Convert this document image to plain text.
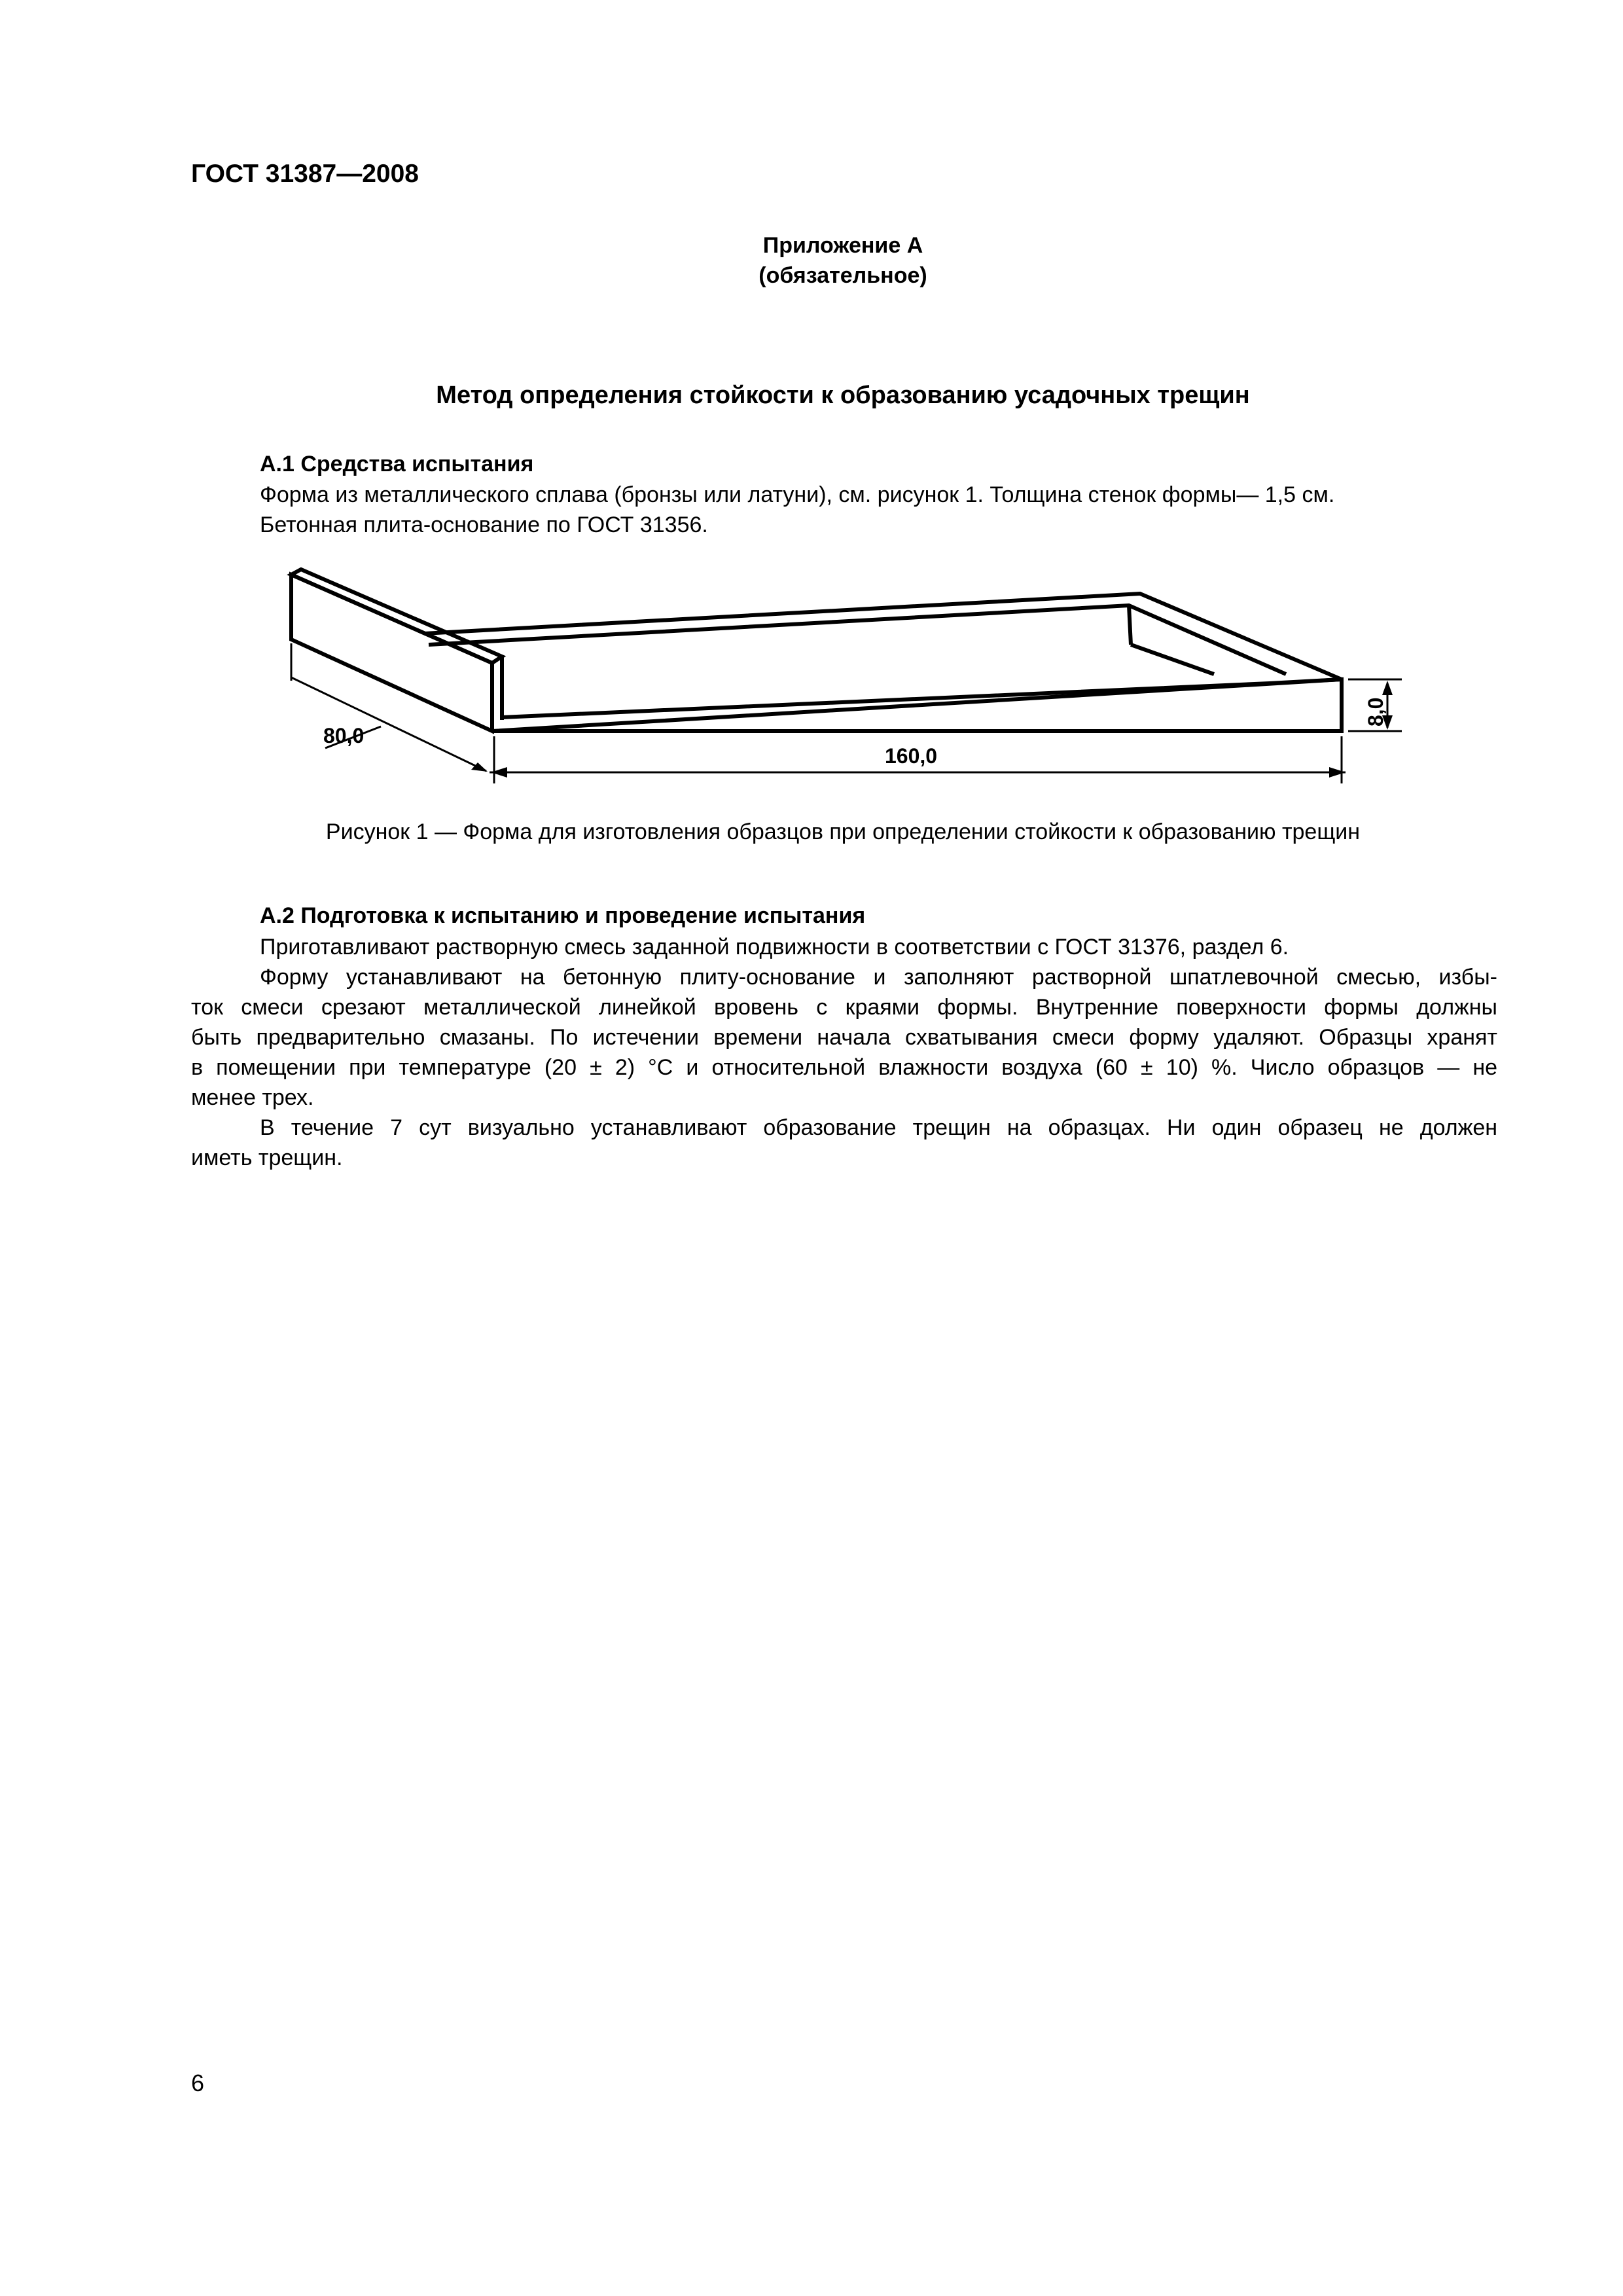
ГОСТ 31387—2008
Приложение А
(обязательное)
Метод определения стойкости к образованию усадочных трещин
А.1 Средства испытания
Форма из металлического сплава (бронзы или латуни), см. рисунок 1. Толщина стенок формы— 1,5 см.
Бетонная плита-основание по ГОСТ 31356.
80,0
160,0
8,0
Рисунок 1 — Форма для изготовления образцов при определении стойкости к образованию трещин
А.2 Подготовка к испытанию и проведение испытания
Приготавливают растворную смесь заданной подвижности в соответствии с ГОСТ 31376, раздел 6.
Форму устанавливают на бетонную плиту-основание и заполняют растворной шпатлевочной смесью, избы-
ток смеси срезают металлической линейкой вровень с краями формы. Внутренние поверхности формы должны
быть предварительно смазаны. По истечении времени начала схватывания смеси форму удаляют. Образцы хранят
в помещении при температуре (20 ± 2) °С и относительной влажности воздуха (60 ± 10) %. Число образцов — не
менее трех.
В течение 7 сут визуально устанавливают образование трещин на образцах. Ни один образец не должен
иметь трещин.
6
